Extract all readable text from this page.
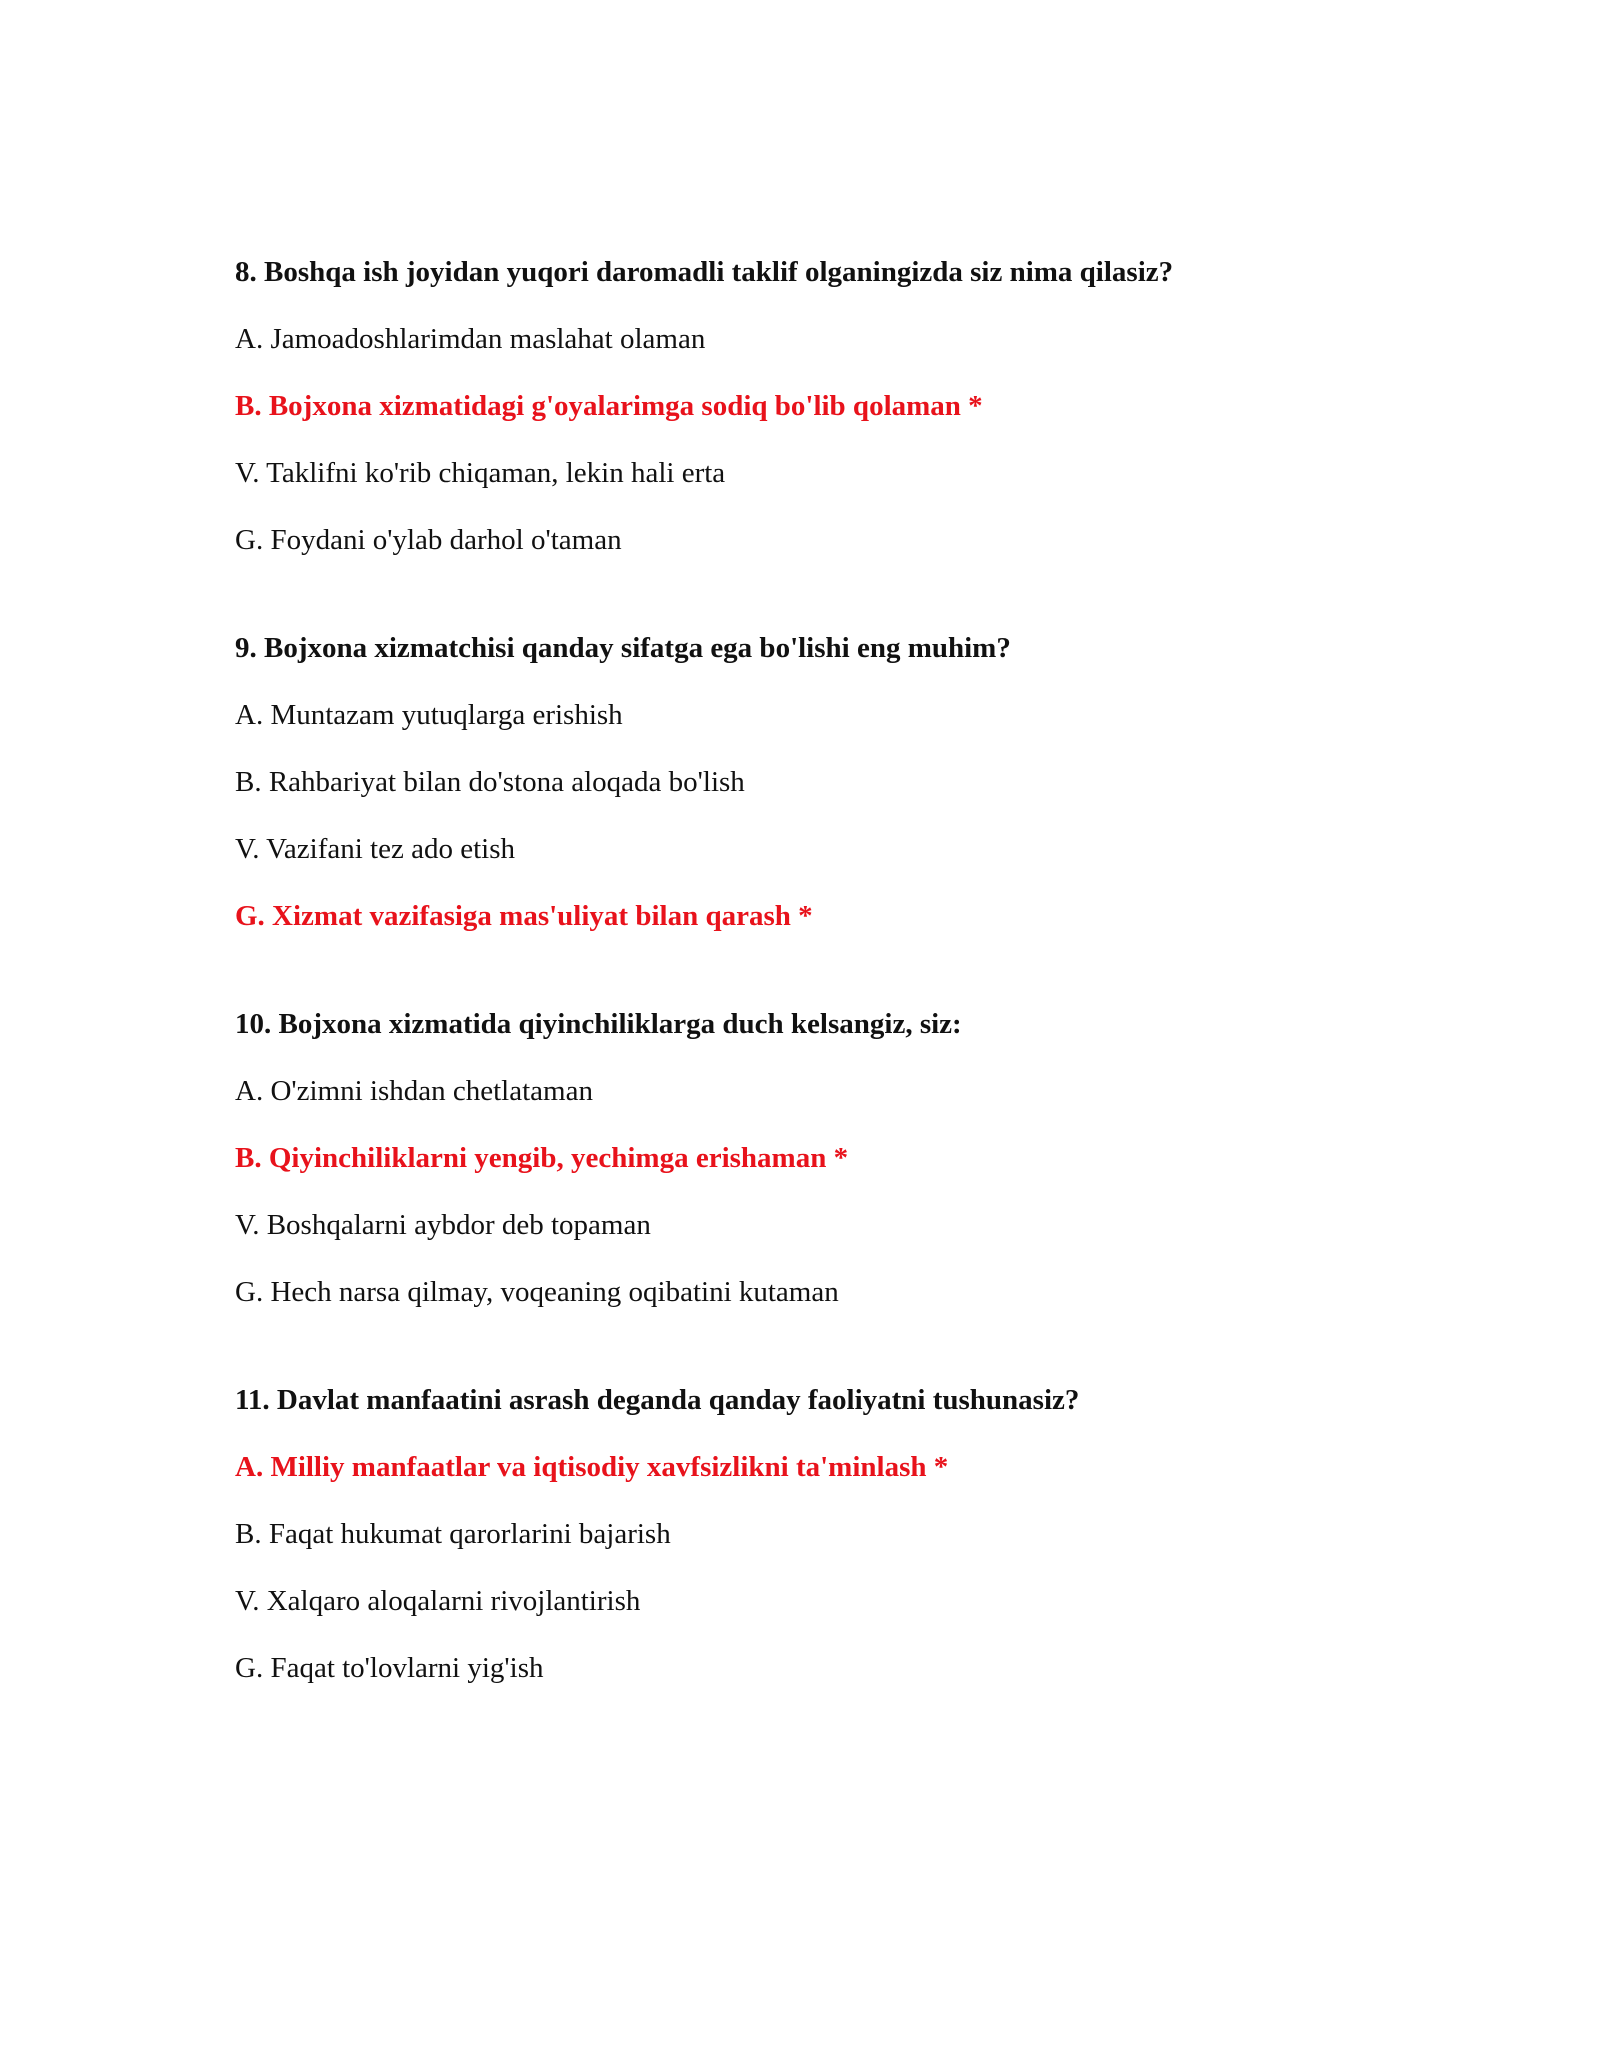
8. Boshqa ish joyidan yuqori daromadli taklif olganingizda siz nima qilasiz?
A. Jamoadoshlarimdan maslahat olaman
B. Bojxona xizmatidagi g'oyalarimga sodiq bo'lib qolaman *
V. Taklifni ko'rib chiqaman, lekin hali erta
G. Foydani o'ylab darhol o'taman
9. Bojxona xizmatchisi qanday sifatga ega bo'lishi eng muhim?
A. Muntazam yutuqlarga erishish
B. Rahbariyat bilan do'stona aloqada bo'lish
V. Vazifani tez ado etish
G. Xizmat vazifasiga mas'uliyat bilan qarash *
10. Bojxona xizmatida qiyinchiliklarga duch kelsangiz, siz:
A. O'zimni ishdan chetlataman
B. Qiyinchiliklarni yengib, yechimga erishaman *
V. Boshqalarni aybdor deb topaman
G. Hech narsa qilmay, voqeaning oqibatini kutaman
11. Davlat manfaatini asrash deganda qanday faoliyatni tushunasiz?
A. Milliy manfaatlar va iqtisodiy xavfsizlikni ta'minlash *
B. Faqat hukumat qarorlarini bajarish
V. Xalqaro aloqalarni rivojlantirish
G. Faqat to'lovlarni yig'ish
